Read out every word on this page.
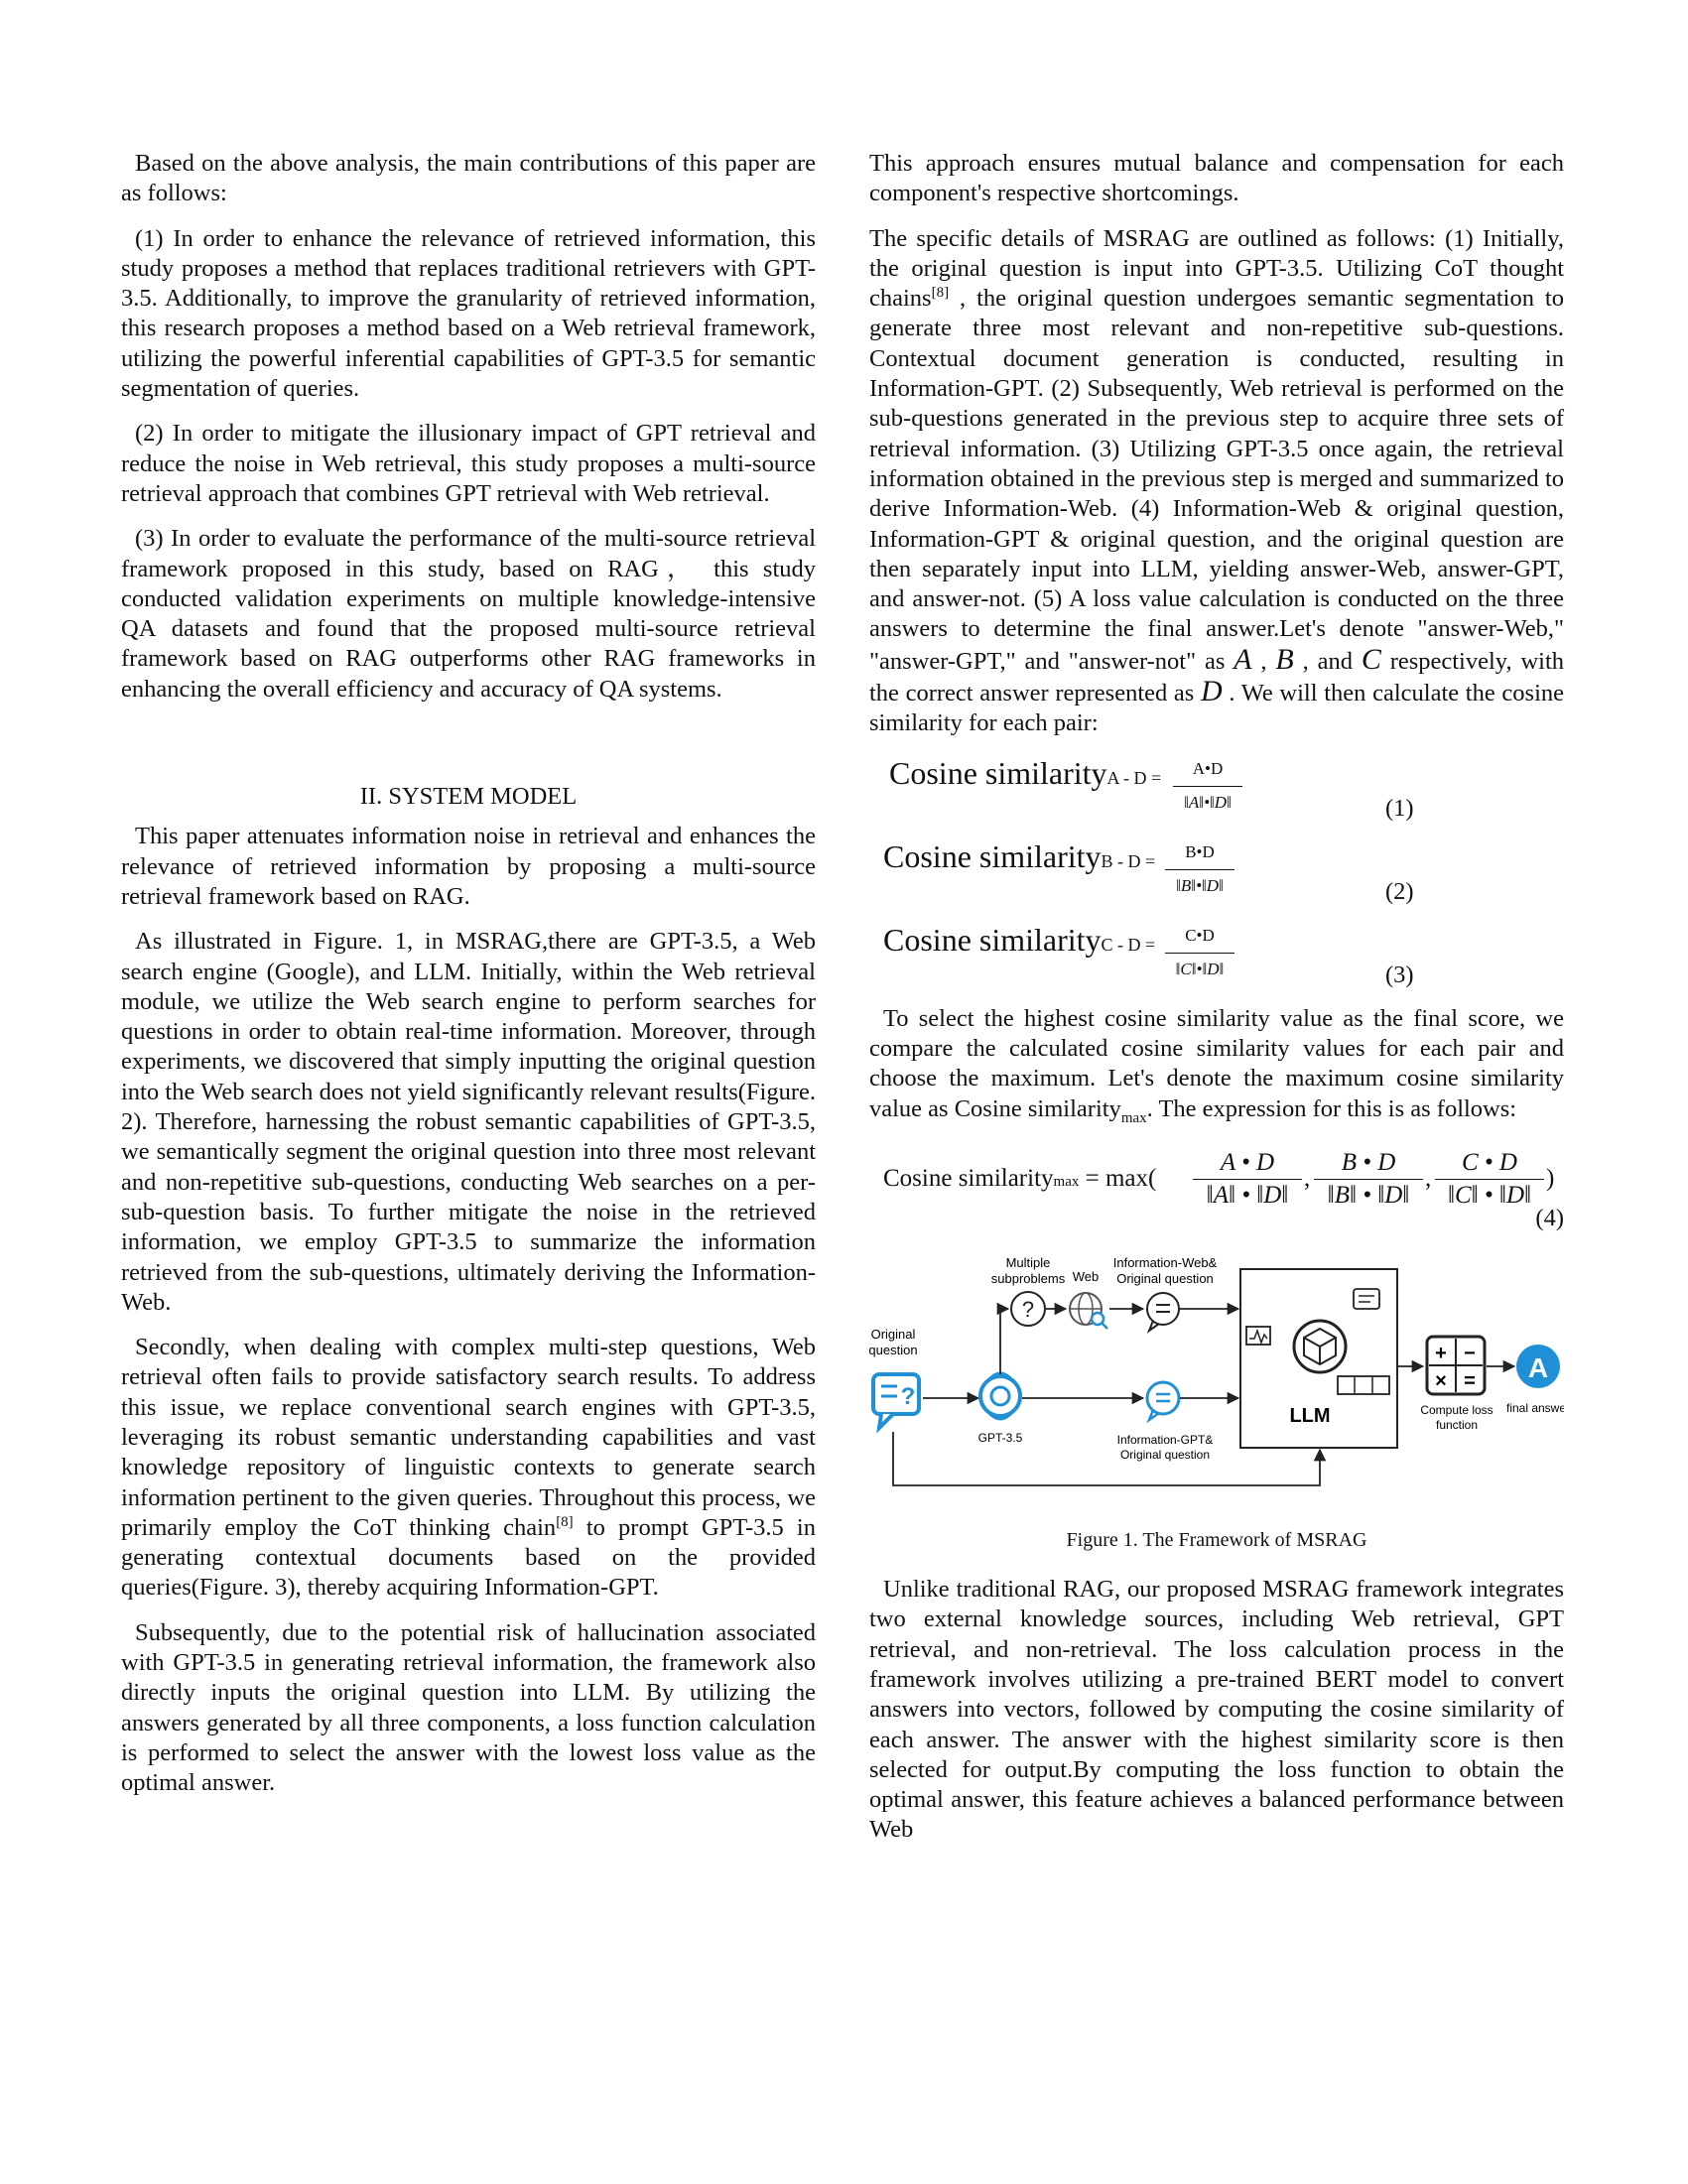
Based on the above analysis, the main contributions of this paper are as follows:

(1) In order to enhance the relevance of retrieved information, this study proposes a method that replaces traditional retrievers with GPT-3.5. Additionally, to improve the granularity of retrieved information, this research proposes a method based on a Web retrieval framework, utilizing the powerful inferential capabilities of GPT-3.5 for semantic segmentation of queries.

(2) In order to mitigate the illusionary impact of GPT retrieval and reduce the noise in Web retrieval, this study proposes a multi-source retrieval approach that combines GPT retrieval with Web retrieval.

(3) In order to evaluate the performance of the multi-source retrieval framework proposed in this study, based on RAG， this study conducted validation experiments on multiple knowledge-intensive QA datasets and found that the proposed multi-source retrieval framework based on RAG outperforms other RAG frameworks in enhancing the overall efficiency and accuracy of QA systems.

II. SYSTEM MODEL

This paper attenuates information noise in retrieval and enhances the relevance of retrieved information by proposing a multi-source retrieval framework based on RAG.

As illustrated in Figure. 1, in MSRAG,there are GPT-3.5, a Web search engine (Google), and LLM. Initially, within the Web retrieval module, we utilize the Web search engine to perform searches for questions in order to obtain real-time information. Moreover, through experiments, we discovered that simply inputting the original question into the Web search does not yield significantly relevant results(Figure. 2). Therefore, harnessing the robust semantic capabilities of GPT-3.5, we semantically segment the original question into three most relevant and non-repetitive sub-questions, conducting Web searches on a per-sub-question basis. To further mitigate the noise in the retrieved information, we employ GPT-3.5 to summarize the information retrieved from the sub-questions, ultimately deriving the Information-Web.

Secondly, when dealing with complex multi-step questions, Web retrieval often fails to provide satisfactory search results. To address this issue, we replace conventional search engines with GPT-3.5, leveraging its robust semantic understanding capabilities and vast knowledge repository of linguistic contexts to generate search information pertinent to the given queries. Throughout this process, we primarily employ the CoT thinking chain[8] to prompt GPT-3.5 in generating contextual documents based on the provided queries(Figure. 3), thereby acquiring Information-GPT.

Subsequently, due to the potential risk of hallucination associated with GPT-3.5 in generating retrieval information, the framework also directly inputs the original question into LLM. By utilizing the answers generated by all three components, a loss function calculation is performed to select the answer with the lowest loss value as the optimal answer.

This approach ensures mutual balance and compensation for each component's respective shortcomings.

The specific details of MSRAG are outlined as follows: (1) Initially, the original question is input into GPT-3.5. Utilizing CoT thought chains[8] , the original question undergoes semantic segmentation to generate three most relevant and non-repetitive sub-questions. Contextual document generation is conducted, resulting in Information-GPT. (2) Subsequently, Web retrieval is performed on the sub-questions generated in the previous step to acquire three sets of retrieval information. (3) Utilizing GPT-3.5 once again, the retrieval information obtained in the previous step is merged and summarized to derive Information-Web. (4) Information-Web & original question, Information-GPT & original question, and the original question are then separately input into LLM, yielding answer-Web, answer-GPT, and answer-not. (5) A loss value calculation is conducted on the three answers to determine the final answer.Let's denote "answer-Web," "answer-GPT," and "answer-not" as A , B , and C respectively, with the correct answer represented as D . We will then calculate the cosine similarity for each pair:

Cosine similarityA - $D = \frac{A•D}{‖A‖•‖D‖}$	(1)
Cosine similarityB - $D = \frac{B•D}{‖B‖•‖D‖}$	(2)
Cosine similarityC - $D = \frac{C•D}{‖C‖•‖D‖}$	(3)

To select the highest cosine similarity value as the final score, we compare the calculated cosine similarity values for each pair and choose the maximum. Let's denote the maximum cosine similarity value as Cosine similarity$_{max}$. The expression for this is as follows:

Cosine similaritymax = $\max( \frac{A • D}{‖A‖ • ‖D‖}$ , $\frac{B • D}{‖B‖ • ‖D‖}$ , $\frac{C • D}{‖C‖ • ‖D‖}$ )
(4)
Multiple
subproblems Web
Information-Web&
Original question
?
Original
question
?
GPT-3.5	Information-GPT&
Original question
LLM
+ −
× =
Compute loss
function
A
final answer
Figure 1. The Framework of MSRAG

Unlike traditional RAG, our proposed MSRAG framework integrates two external knowledge sources, including Web retrieval, GPT retrieval, and non-retrieval. The loss calculation process in the framework involves utilizing a pre-trained BERT model to convert answers into vectors, followed by computing the cosine similarity of each answer. The answer with the highest similarity score is then selected for output.By computing the loss function to obtain the optimal answer, this feature achieves a balanced performance between Web
